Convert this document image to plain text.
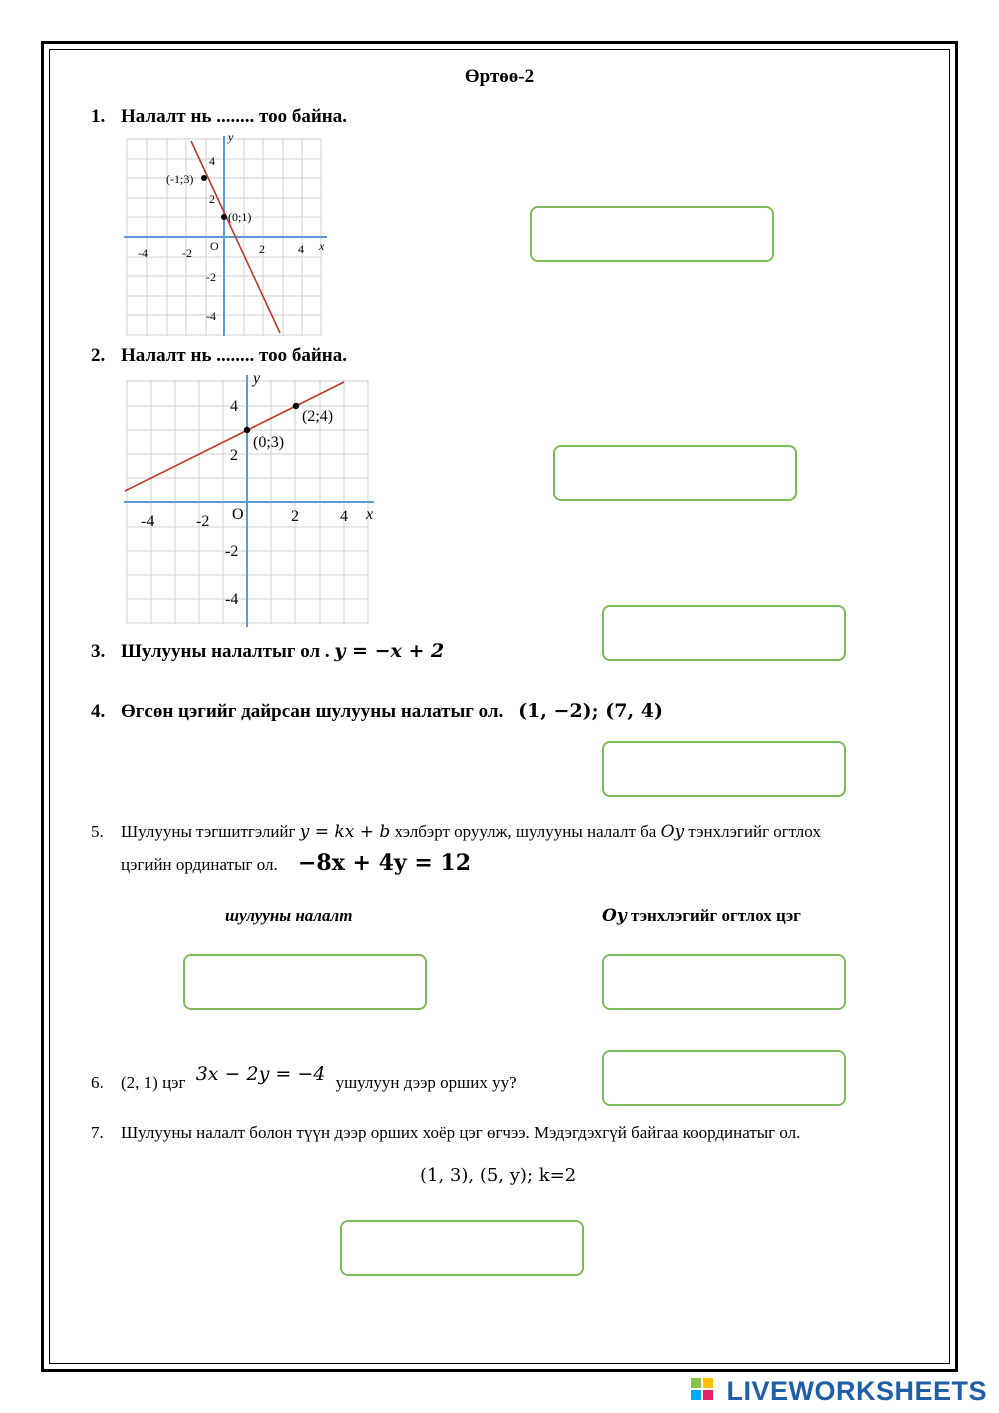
Өртөө-2
1. Налалт нь ........ тоо байна.
(-1;3)
(0;1)
y
x
O
-4	-2	2	4
4
2
-2
-4
2. Налалт нь ........ тоо байна.
(0;3)
(2;4)
y
x
O
-4	-2	2	4
4
2
-2
-4
3. Шулууны налалтыг ол . y = −x + 2
4. Өгсөн цэгийг дайрсан шулууны налатыг ол. (1, −2); (7, 4)
5. Шулууны тэгшитгэлийг y = kx + b хэлбэрт оруулж, шулууны налалт ба Oy тэнхлэгийг огтлох
цэгийн ординатыг ол. −8x + 4y = 12
шулууны налалт	Oy тэнхлэгийг огтлох цэг
6. (2, 1) цэг 3x − 2y = −4 ушулуун дээр орших уу?
7. Шулууны налалт болон түүн дээр орших хоёр цэг өгчээ. Мэдэгдэхгүй байгаа координатыг ол.
(1, 3), (5, y); k=2
LIVEWORKSHEETS
